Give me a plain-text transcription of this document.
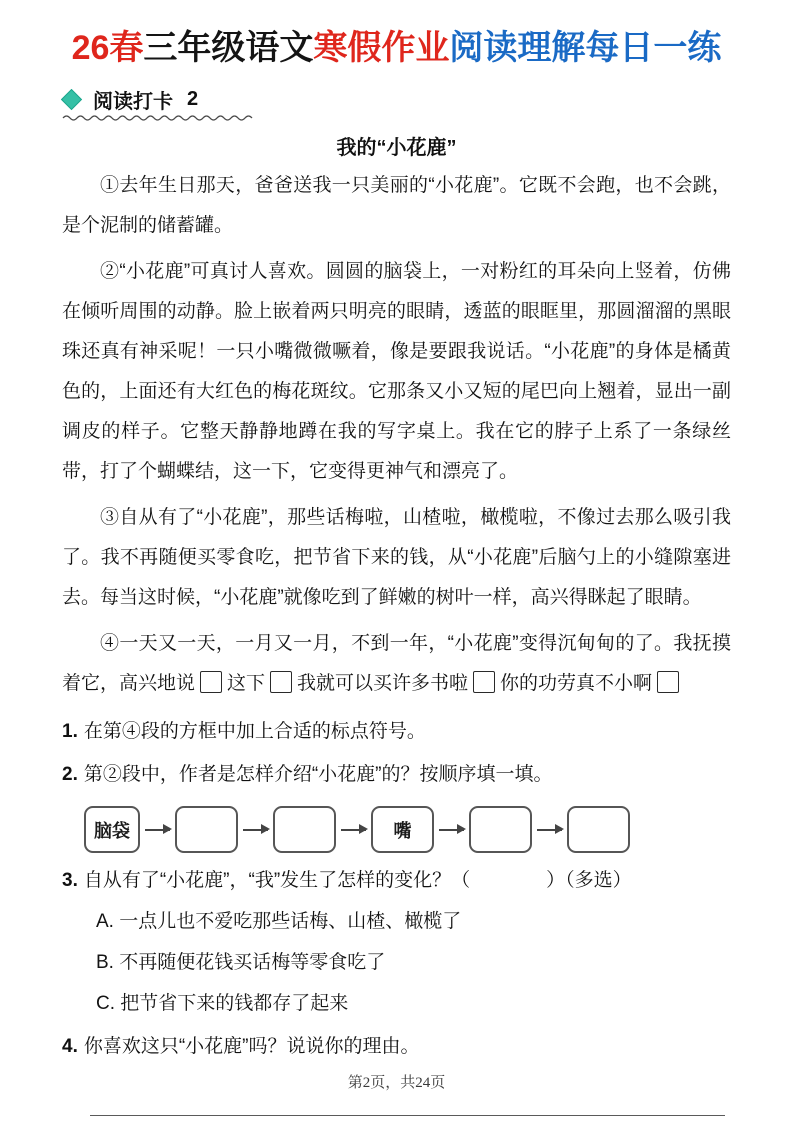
26春三年级语文寒假作业阅读理解每日一练
阅读打卡 2
我的“小花鹿”

①去年生日那天，爸爸送我一只美丽的“小花鹿”。它既不会跑，也不会跳，是个泥制的储蓄罐。

②“小花鹿”可真讨人喜欢。圆圆的脑袋上，一对粉红的耳朵向上竖着，仿佛在倾听周围的动静。脸上嵌着两只明亮的眼睛，透蓝的眼眶里，那圆溜溜的黑眼珠还真有神采呢！一只小嘴微微噘着，像是要跟我说话。“小花鹿”的身体是橘黄色的，上面还有大红色的梅花斑纹。它那条又小又短的尾巴向上翘着，显出一副调皮的样子。它整天静静地蹲在我的写字桌上。我在它的脖子上系了一条绿丝带，打了个蝴蝶结，这一下，它变得更神气和漂亮了。

③自从有了“小花鹿”，那些话梅啦，山楂啦，橄榄啦，不像过去那么吸引我了。我不再随便买零食吃，把节省下来的钱，从“小花鹿”后脑勺上的小缝隙塞进去。每当这时候，“小花鹿”就像吃到了鲜嫩的树叶一样，高兴得眯起了眼睛。

④一天又一天，一月又一月，不到一年，“小花鹿”变得沉甸甸的了。我抚摸着它，高兴地说 这下 我就可以买许多书啦 你的功劳真不小啊

1. 在第④段的方框中加上合适的标点符号。
2. 第②段中，作者是怎样介绍“小花鹿”的？按顺序填一填。
脑袋	嘴
3. 自从有了“小花鹿”，“我”发生了怎样的变化？（　　　　）（多选）
A. 一点儿也不爱吃那些话梅、山楂、橄榄了
B. 不再随便花钱买话梅等零食吃了
C. 把节省下来的钱都存了起来
4. 你喜欢这只“小花鹿”吗？说说你的理由。
第2页，共24页
